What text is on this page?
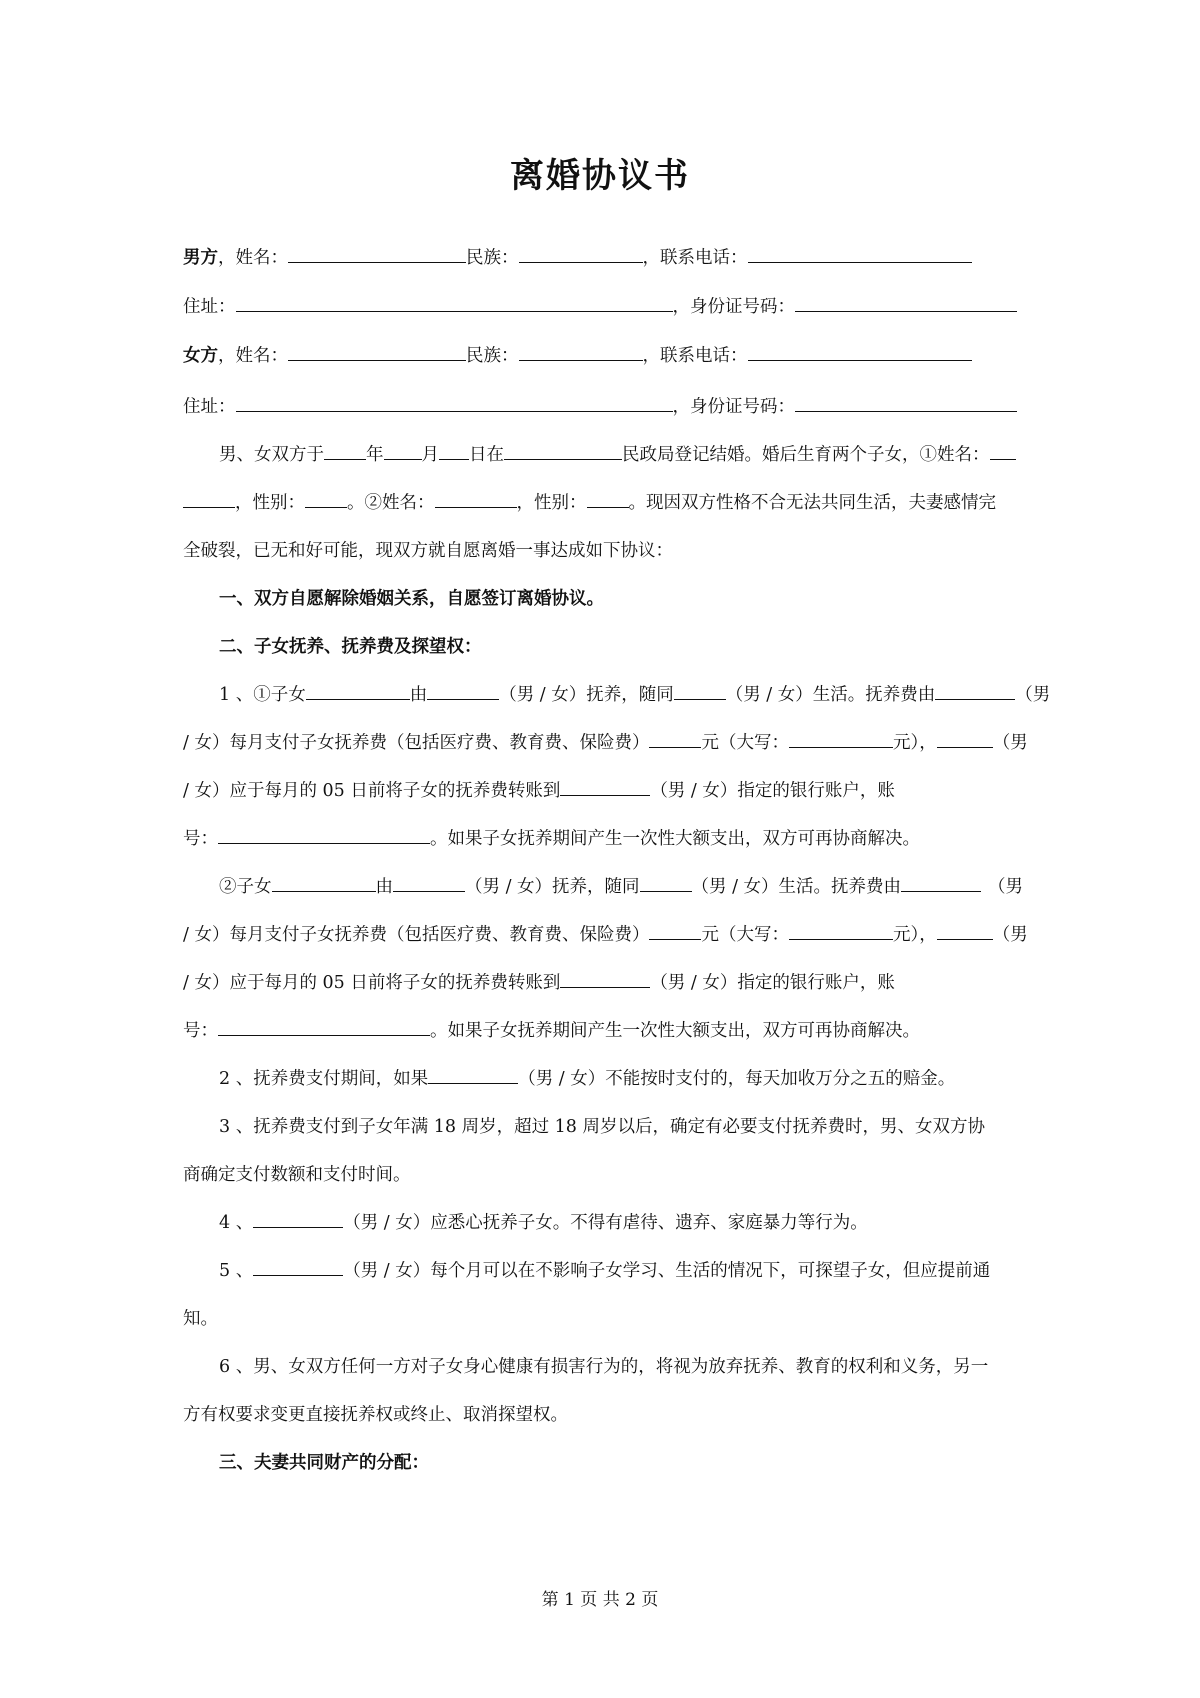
离婚协议书
男方，姓名：	民族：	，联系电话：
住址：	，身份证号码：
女方，姓名：	民族：	，联系电话：
住址：	，身份证号码：
男、女双方于 年 月 日在	民政局登记结婚。婚后生育两个子女，①姓名：
，性别： 。②姓名：	，性别： 。现因双方性格不合无法共同生活，夫妻感情完
全破裂，已无和好可能，现双方就自愿离婚一事达成如下协议：
一、双方自愿解除婚姻关系，自愿签订离婚协议。
二、子女抚养、抚养费及探望权：
1 、①子女	由	（男 / 女）抚养，随同	（男 / 女）生活。抚养费由	（男
/ 女）每月支付子女抚养费（包括医疗费、教育费、保险费）	元（大写：	元），	（男
/ 女）应于每月的 05 日前将子女的抚养费转账到	（男 / 女）指定的银行账户，账
号：	。如果子女抚养期间产生一次性大额支出，双方可再协商解决。
②子女	由	（男 / 女）抚养，随同	（男 / 女）生活。抚养费由	（男
/ 女）每月支付子女抚养费（包括医疗费、教育费、保险费）	元（大写：	元），	（男
/ 女）应于每月的 05 日前将子女的抚养费转账到	（男 / 女）指定的银行账户，账
号：	。如果子女抚养期间产生一次性大额支出，双方可再协商解决。
2 、抚养费支付期间，如果	（男 / 女）不能按时支付的，每天加收万分之五的赔金。
3 、抚养费支付到子女年满 18 周岁，超过 18 周岁以后，确定有必要支付抚养费时，男、女双方协
商确定支付数额和支付时间。
4 、	（男 / 女）应悉心抚养子女。不得有虐待、遗弃、家庭暴力等行为。
5 、	（男 / 女）每个月可以在不影响子女学习、生活的情况下，可探望子女，但应提前通
知。
6 、男、女双方任何一方对子女身心健康有损害行为的，将视为放弃抚养、教育的权利和义务，另一
方有权要求变更直接抚养权或终止、取消探望权。
三、夫妻共同财产的分配：
第 1 页 共 2 页
